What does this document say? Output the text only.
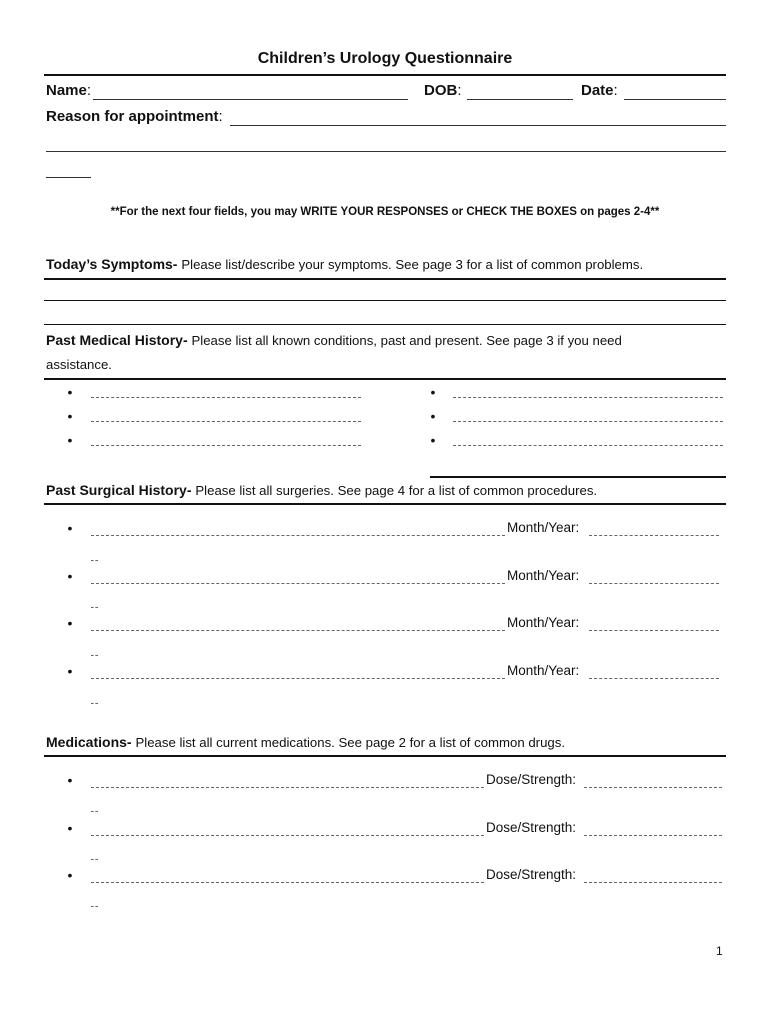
Children’s Urology Questionnaire
Name:	DOB:	Date:
Reason for appointment:
**For the next four fields, you may WRITE YOUR RESPONSES or CHECK THE BOXES on pages 2-4**
Today’s Symptoms- Please list/describe your symptoms. See page 3 for a list of common problems.
Past Medical History- Please list all known conditions, past and present. See page 3 if you need
assistance.
•
•
•
•
•
•
Past Surgical History- Please list all surgeries. See page 4 for a list of common procedures.
•	Month/Year:
•	Month/Year:
•	Month/Year:
•	Month/Year:
Medications- Please list all current medications. See page 2 for a list of common drugs.
•	Dose/Strength:
•	Dose/Strength:
•	Dose/Strength:
1
